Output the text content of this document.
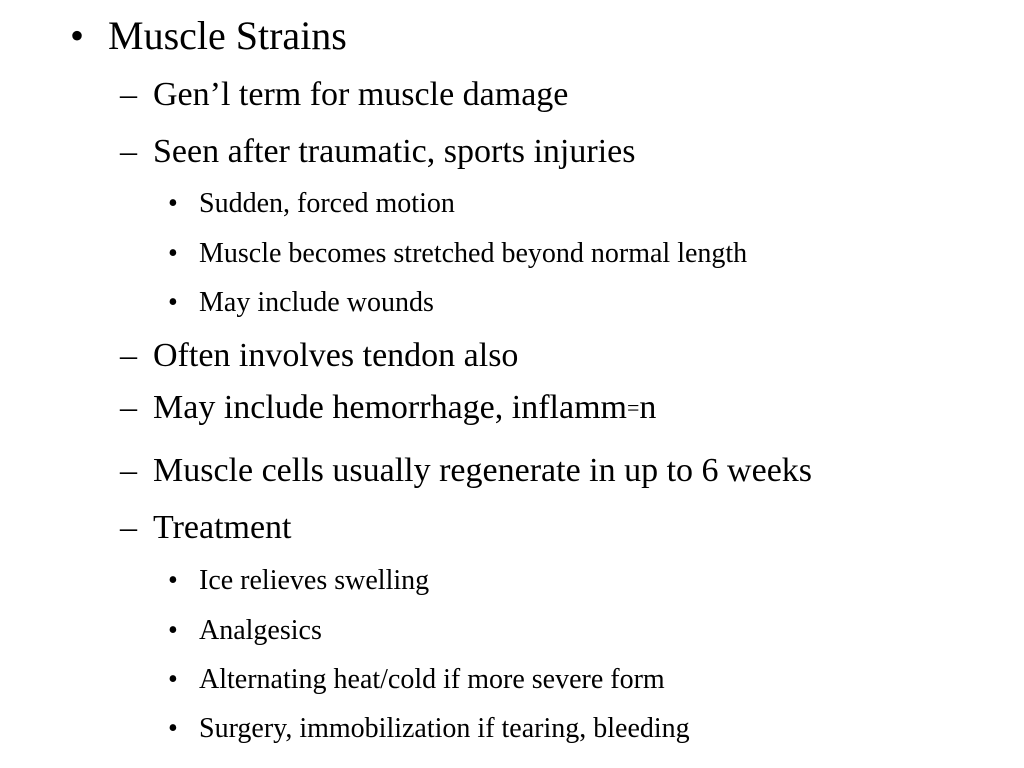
• Muscle Strains
– Gen’l term for muscle damage
– Seen after traumatic, sports injuries
• Sudden, forced motion
• Muscle becomes stretched beyond normal length
• May include wounds
– Often involves tendon also
– May include hemorrhage, inflamm=n
– Muscle cells usually regenerate in up to 6 weeks
– Treatment
• Ice relieves swelling
• Analgesics
• Alternating heat/cold if more severe form
• Surgery, immobilization if tearing, bleeding
